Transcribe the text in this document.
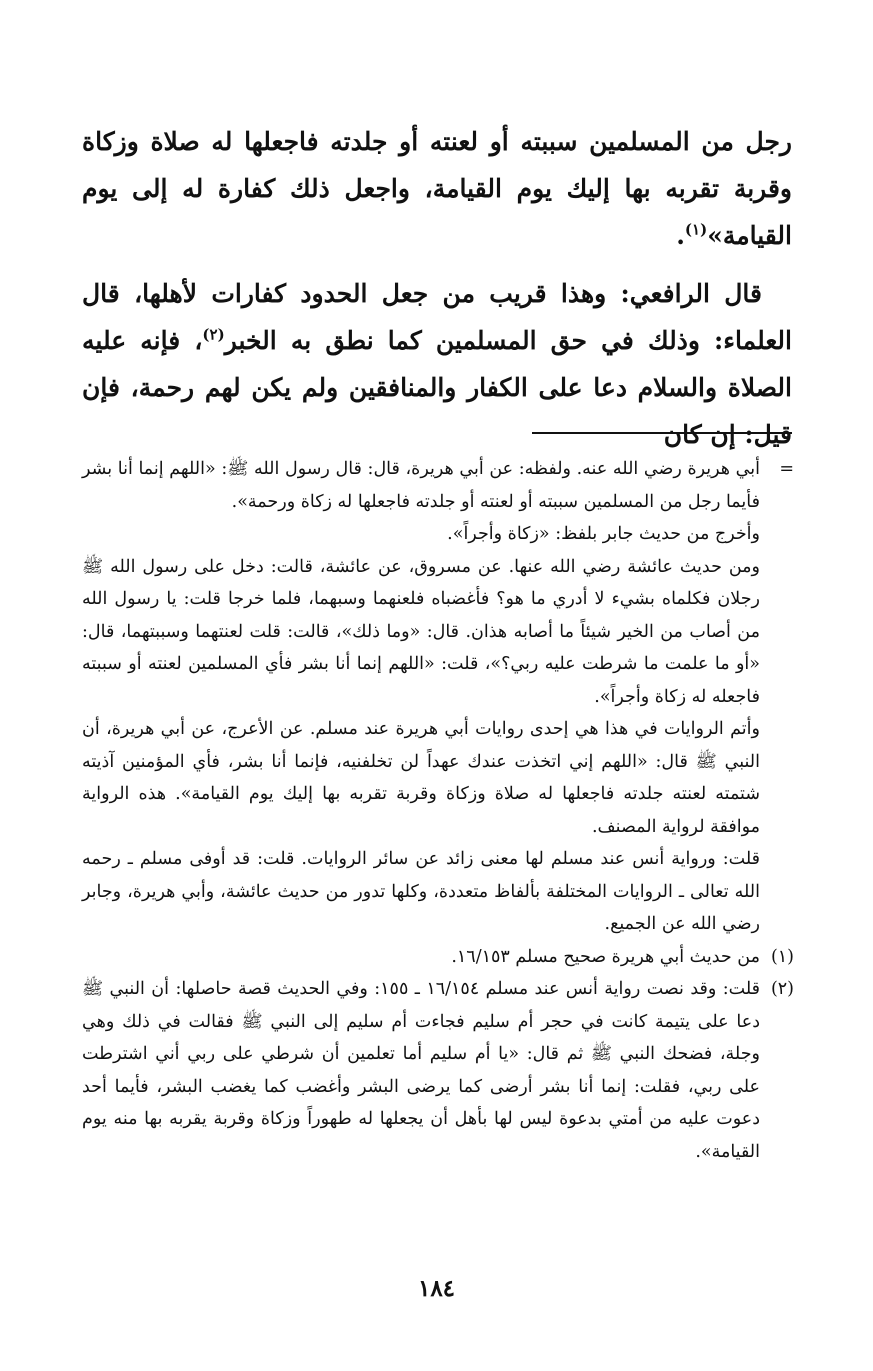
رجل من المسلمين سببته أو لعنته أو جلدته فاجعلها له صلاة وزكاة وقربة تقربه بها إليك يوم القيامة، واجعل ذلك كفارة له إلى يوم القيامة»$^{(١)}$.

قال الرافعي: وهذا قريب من جعل الحدود كفارات لأهلها، قال العلماء: وذلك في حق المسلمين كما نطق به الخبر$^{(٢)}$، فإنه عليه الصلاة والسلام دعا على الكفار والمنافقين ولم يكن لهم رحمة، فإن قيل: إن كان

=

أبي هريرة رضي الله عنه. ولفظه: عن أبي هريرة، قال: قال رسول الله ﷺ: «اللهم إنما أنا بشر فأيما رجل من المسلمين سببته أو لعنته أو جلدته فاجعلها له زكاة ورحمة».

وأخرج من حديث جابر بلفظ: «زكاة وأجراً».

ومن حديث عائشة رضي الله عنها. عن مسروق، عن عائشة، قالت: دخل على رسول الله ﷺ رجلان فكلماه بشيء لا أدري ما هو؟ فأغضباه فلعنهما وسبهما، فلما خرجا قلت: يا رسول الله من أصاب من الخير شيئاً ما أصابه هذان. قال: «وما ذلك»، قالت: قلت لعنتهما وسببتهما، قال: «أو ما علمت ما شرطت عليه ربي؟»، قلت: «اللهم إنما أنا بشر فأي المسلمين لعنته أو سببته فاجعله له زكاة وأجراً».

وأتم الروايات في هذا هي إحدى روايات أبي هريرة عند مسلم. عن الأعرج، عن أبي هريرة، أن النبي ﷺ قال: «اللهم إني اتخذت عندك عهداً لن تخلفنيه، فإنما أنا بشر، فأي المؤمنين آذيته شتمته لعنته جلدته فاجعلها له صلاة وزكاة وقربة تقربه بها إليك يوم القيامة». هذه الرواية موافقة لرواية المصنف.

قلت: ورواية أنس عند مسلم لها معنى زائد عن سائر الروايات. قلت: قد أوفى مسلم ـ رحمه الله تعالى ـ الروايات المختلفة بألفاظ متعددة، وكلها تدور من حديث عائشة، وأبي هريرة، وجابر رضي الله عن الجميع.

(١)

من حديث أبي هريرة صحيح مسلم ١٦/١٥٣.

(٢)

قلت: وقد نصت رواية أنس عند مسلم ١٦/١٥٤ ـ ١٥٥: وفي الحديث قصة حاصلها: أن النبي ﷺ دعا على يتيمة كانت في حجر أم سليم فجاءت أم سليم إلى النبي ﷺ فقالت في ذلك وهي وجلة، فضحك النبي ﷺ ثم قال: «يا أم سليم أما تعلمين أن شرطي على ربي أني اشترطت على ربي، فقلت: إنما أنا بشر أرضى كما يرضى البشر وأغضب كما يغضب البشر، فأيما أحد دعوت عليه من أمتي بدعوة ليس لها بأهل أن يجعلها له طهوراً وزكاة وقربة يقربه بها منه يوم القيامة».

١٨٤
